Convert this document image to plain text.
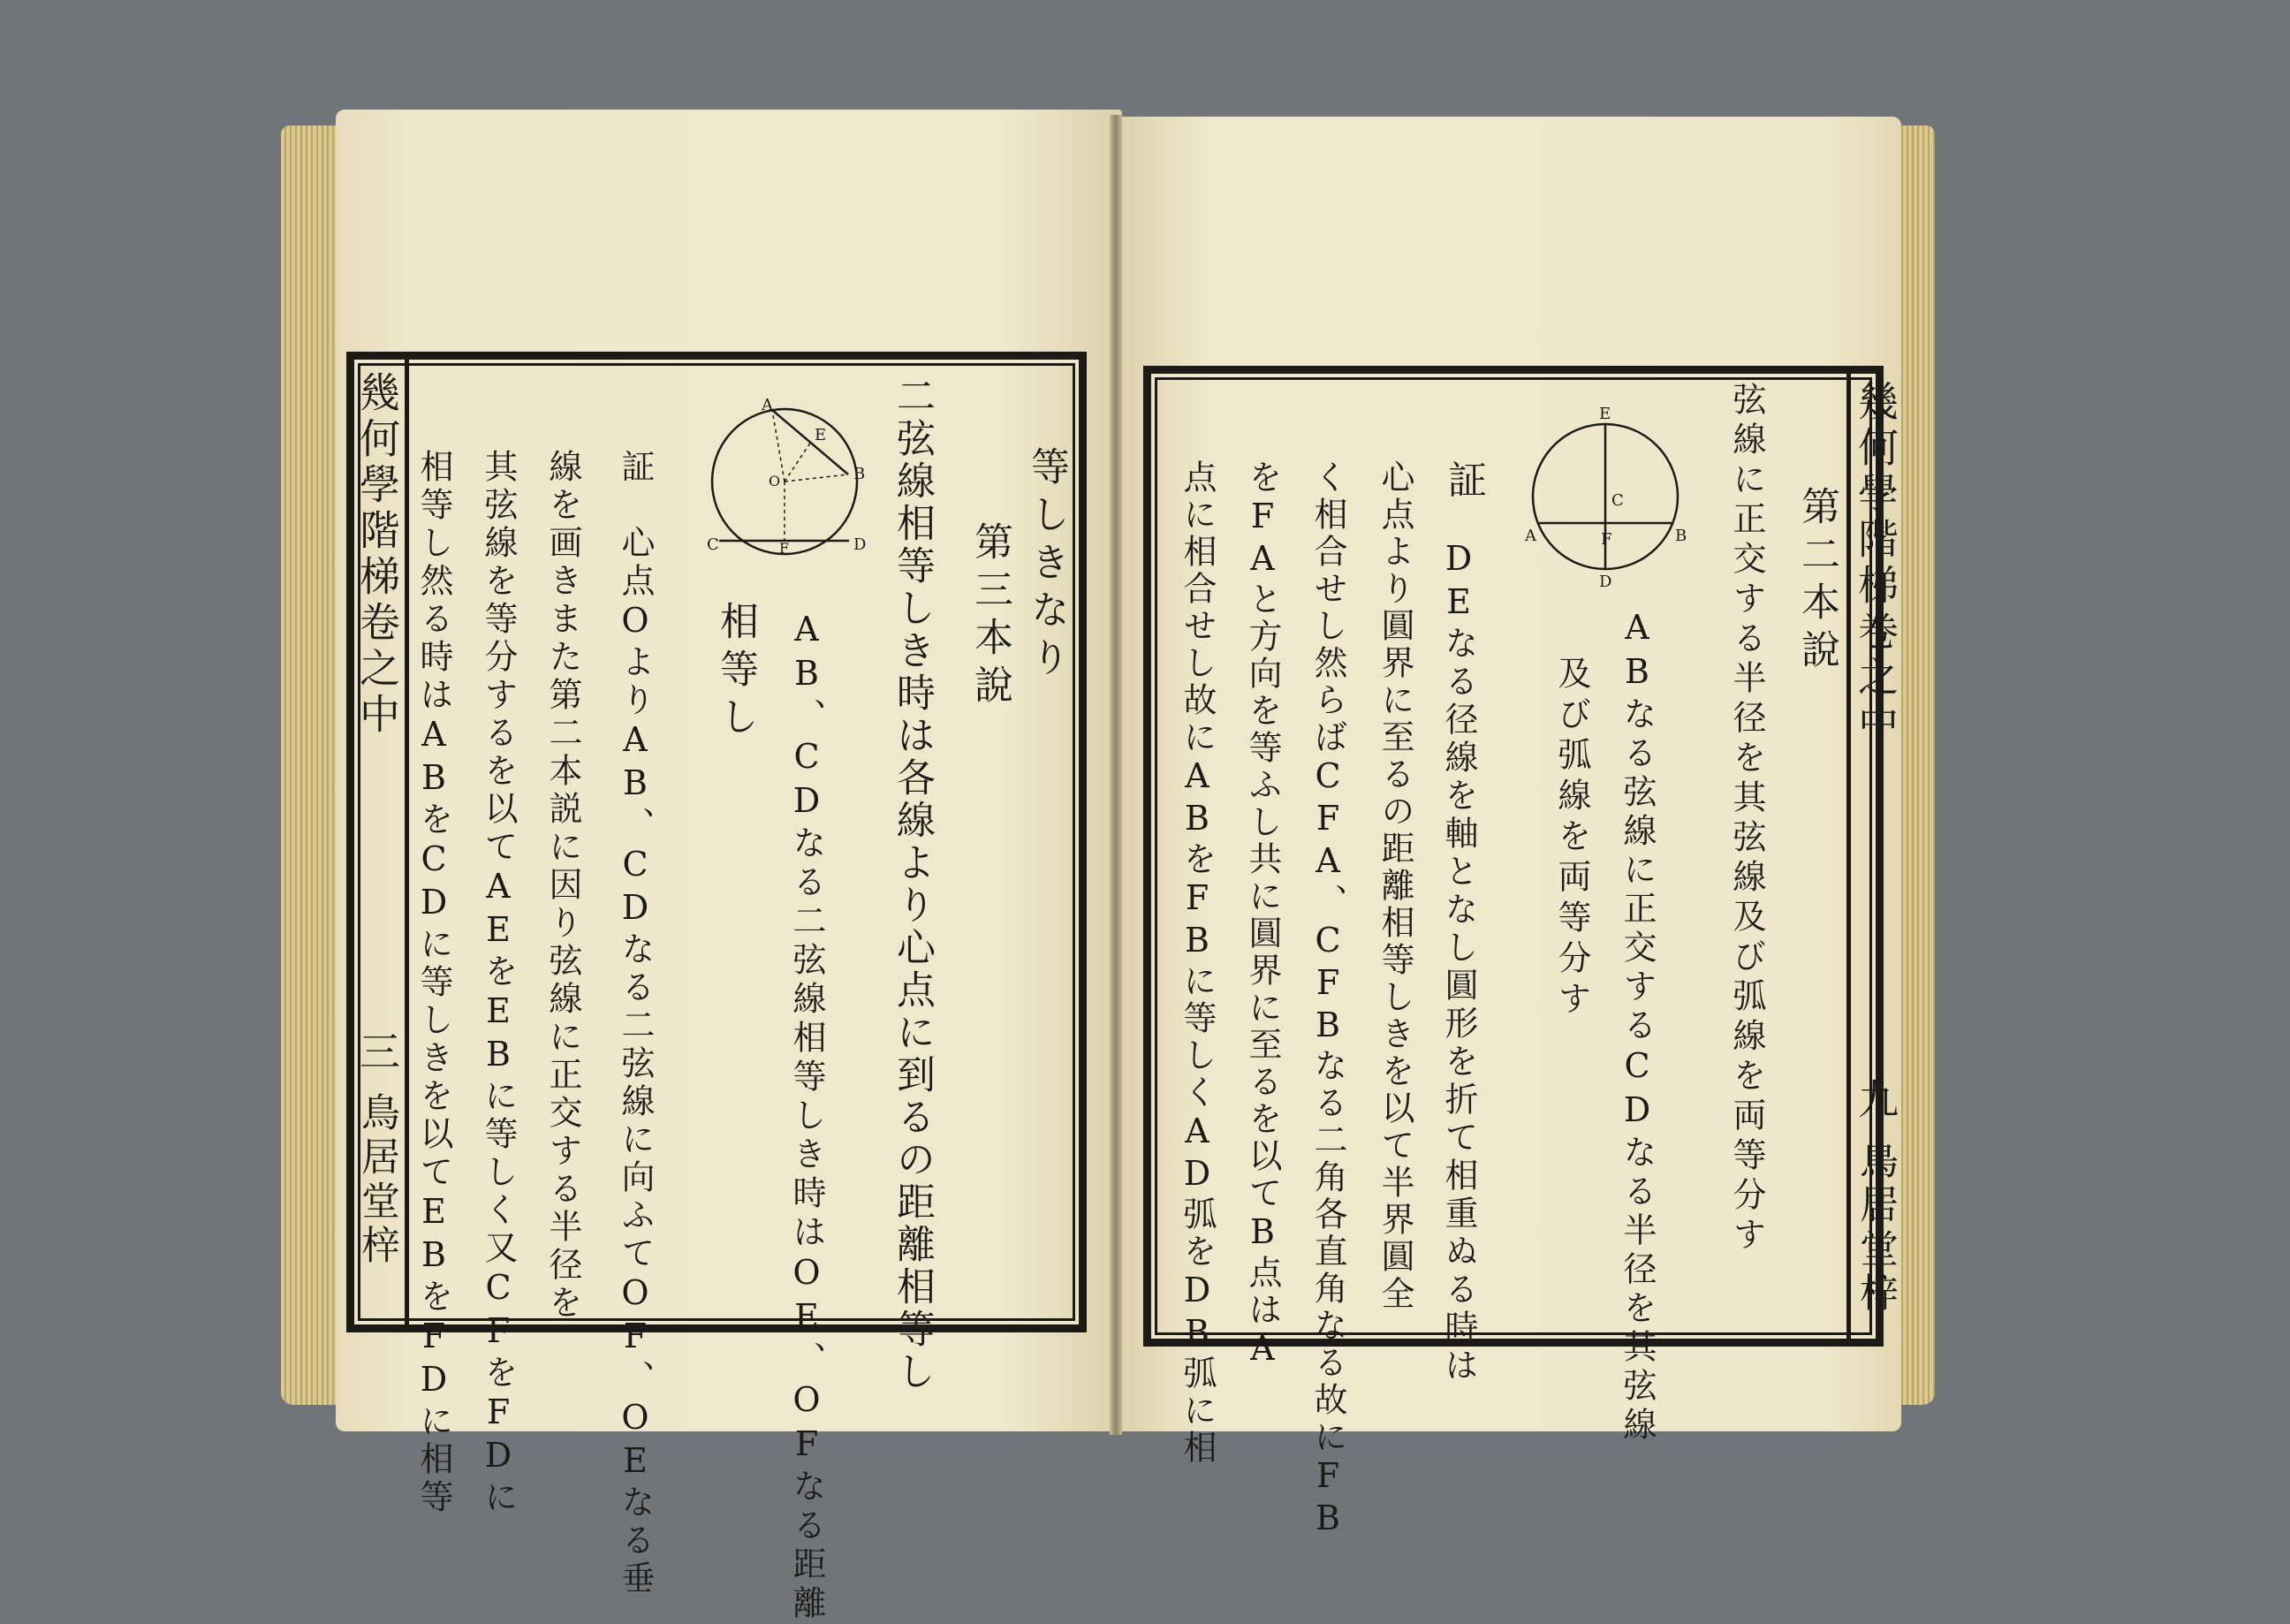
幾何學階梯卷之中
三
鳥居堂梓
等しきなり
第三本說
二弦線相等しき時は各線より心点に到るの距離相等し
AB、CDなる二弦線相等しき時はOE、OFなる距離
相等し
証　心点OよりAB、CDなる二弦線に向ふてOF、OEなる垂
線を画きまた第二本説に因り弦線に正交する半径を
其弦線を等分するを以てAEをEBに等しく又CFをFDに
相等し然る時はABをCDに等しきを以てEBをFDに相等
A
E
B
O
C	F	D	幾何學階梯卷之中
九
鳥居堂梓
第二本說
弦線に正交する半径を其弦線及び弧線を両等分す
ABなる弦線に正交するCDなる半径を其弦線
及び弧線を両等分す
証
DEなる径線を軸となし圓形を折て相重ぬる時は
心点より圓界に至るの距離相等しきを以て半界圓全
く相合せし然らばCFA、CFBなる二角各直角なる故にFB
をFAと方向を等ふし共に圓界に至るを以てB点はA
点に相合せし故にABをFBに等しくAD弧をDB弧に相
E
C
A	F	B
D
